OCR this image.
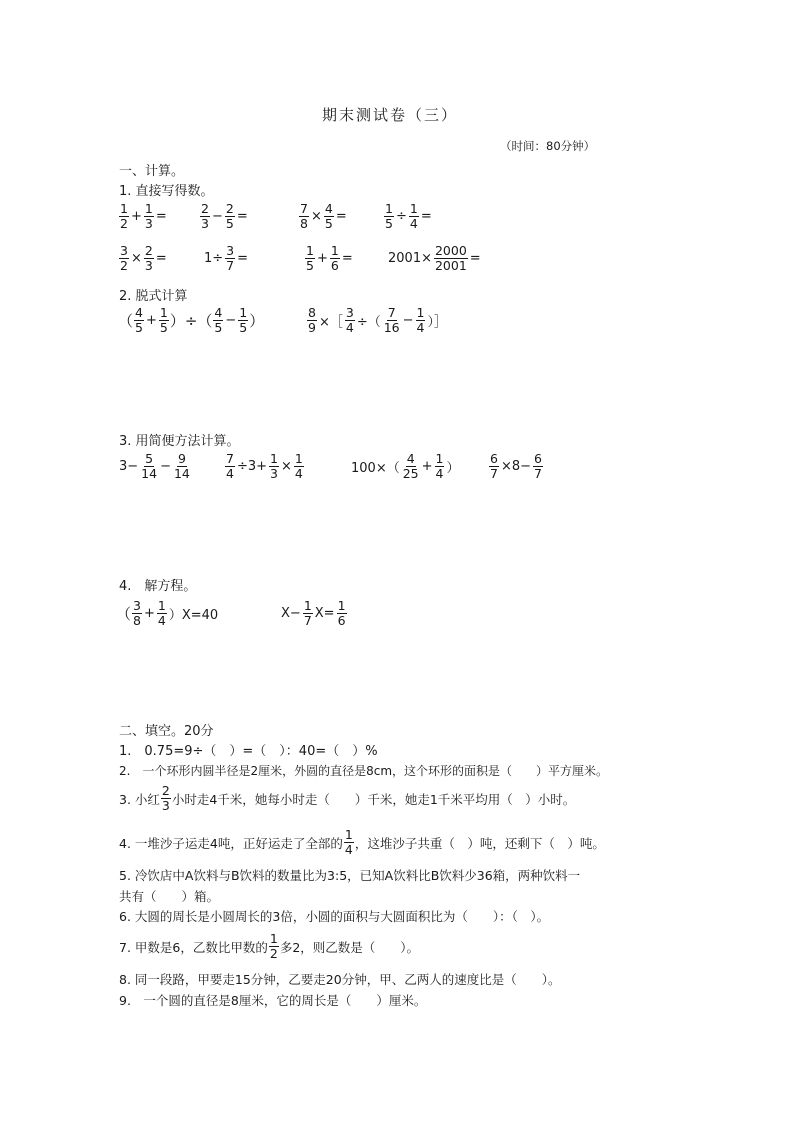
期末测试卷（三）
（时间：80分钟）
一、计算。
1. 直接写得数。
$\frac{1}{2} + \frac{1}{3}$ =	$\frac{2}{3} - \frac{2}{5}$ =	$\frac{7}{8} \times \frac{4}{5}$ =	$\frac{1}{5} \div \frac{1}{4}$ =
$\frac{3}{2} \times \frac{2}{3}$ =	$1\div \frac{3}{7}$ =	$\frac{1}{5} + \frac{1}{6}$ =	$2001\times \frac{2000}{2001}$ =
2. 脱式计算
（ $\frac{4}{5} + \frac{1}{5}$ ）÷（ $\frac{4}{5} - \frac{1}{5}$ ）	$\frac{8}{9}$ ×［ $\frac{3}{4}$ ÷（ $\frac{7}{16} - \frac{1}{4}$ ）］
3. 用简便方法计算。
$3- \frac{5}{14} - \frac{9}{14}$	$\frac{7}{4} \div 3+ \frac{1}{3} \times \frac{1}{4}$	$100\times( \frac{4}{25} + \frac{1}{4}$ ） $\frac{6}{7} \times 8- \frac{6}{7}$
4.　解方程。
（ $\frac{3}{8} + \frac{1}{4} )X=40$	$X- \frac{1}{7} X= \frac{1}{6}$
二、填空。20分
1.　0.75=9÷（　）=（　）：40=（　）%
2.　一个环形内圆半径是2厘米，外圆的直径是8cm，这个环形的面积是（　　）平方厘米。
3. 小红 $\frac{2}{3}$ 小时走4千米，她每小时走（　　）千米，她走1千米平均用（　）小时。
4. 一堆沙子运走4吨，正好运走了全部的 $\frac{1}{4}$ ，这堆沙子共重（　）吨，还剩下（　）吨。
5. 冷饮店中A饮料与B饮料的数量比为3:5，已知A饮料比B饮料少36箱，两种饮料一
共有（　　）箱。
6. 大圆的周长是小圆周长的3倍，小圆的面积与大圆面积比为（　　）：（　）。
7. 甲数是6，乙数比甲数的 $\frac{1}{2}$ 多2，则乙数是（　　）。
8. 同一段路，甲要走15分钟，乙要走20分钟，甲、乙两人的速度比是（　　）。
9.　一个圆的直径是8厘米，它的周长是（　　）厘米。
